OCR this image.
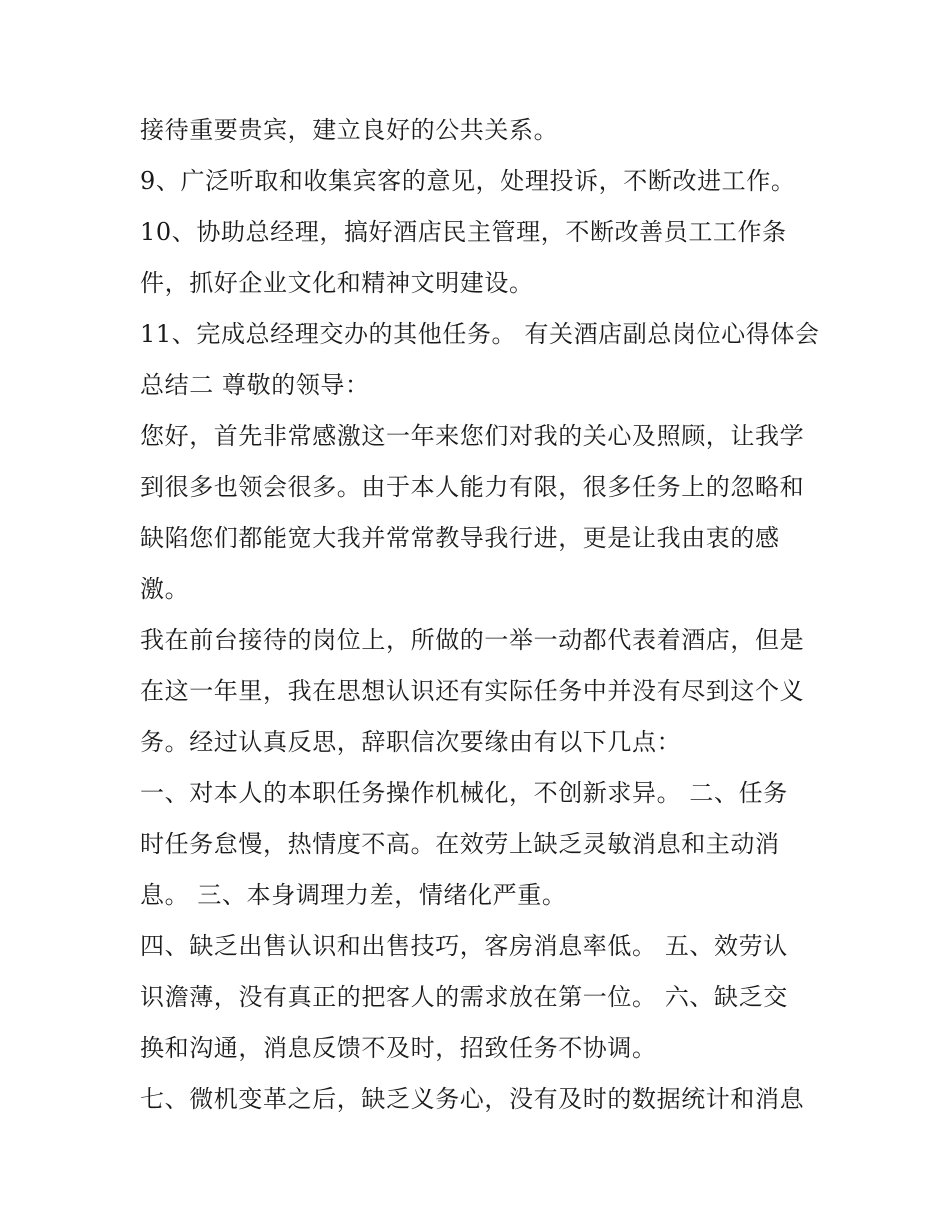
接待重要贵宾，建立良好的公共关系。
9、广泛听取和收集宾客的意见，处理投诉，不断改进工作。
10、协助总经理，搞好酒店民主管理，不断改善员工工作条
件，抓好企业文化和精神文明建设。
11、完成总经理交办的其他任务。 有关酒店副总岗位心得体会
总结二 尊敬的领导：
您好，首先非常感激这一年来您们对我的关心及照顾，让我学
到很多也领会很多。由于本人能力有限，很多任务上的忽略和
缺陷您们都能宽大我并常常教导我行进，更是让我由衷的感
激。
我在前台接待的岗位上，所做的一举一动都代表着酒店，但是
在这一年里，我在思想认识还有实际任务中并没有尽到这个义
务。经过认真反思，辞职信次要缘由有以下几点：
一、对本人的本职任务操作机械化，不创新求异。 二、任务
时任务怠慢，热情度不高。在效劳上缺乏灵敏消息和主动消
息。 三、本身调理力差，情绪化严重。
四、缺乏出售认识和出售技巧，客房消息率低。 五、效劳认
识澹薄，没有真正的把客人的需求放在第一位。 六、缺乏交
换和沟通，消息反馈不及时，招致任务不协调。
七、微机变革之后，缺乏义务心，没有及时的数据统计和消息
